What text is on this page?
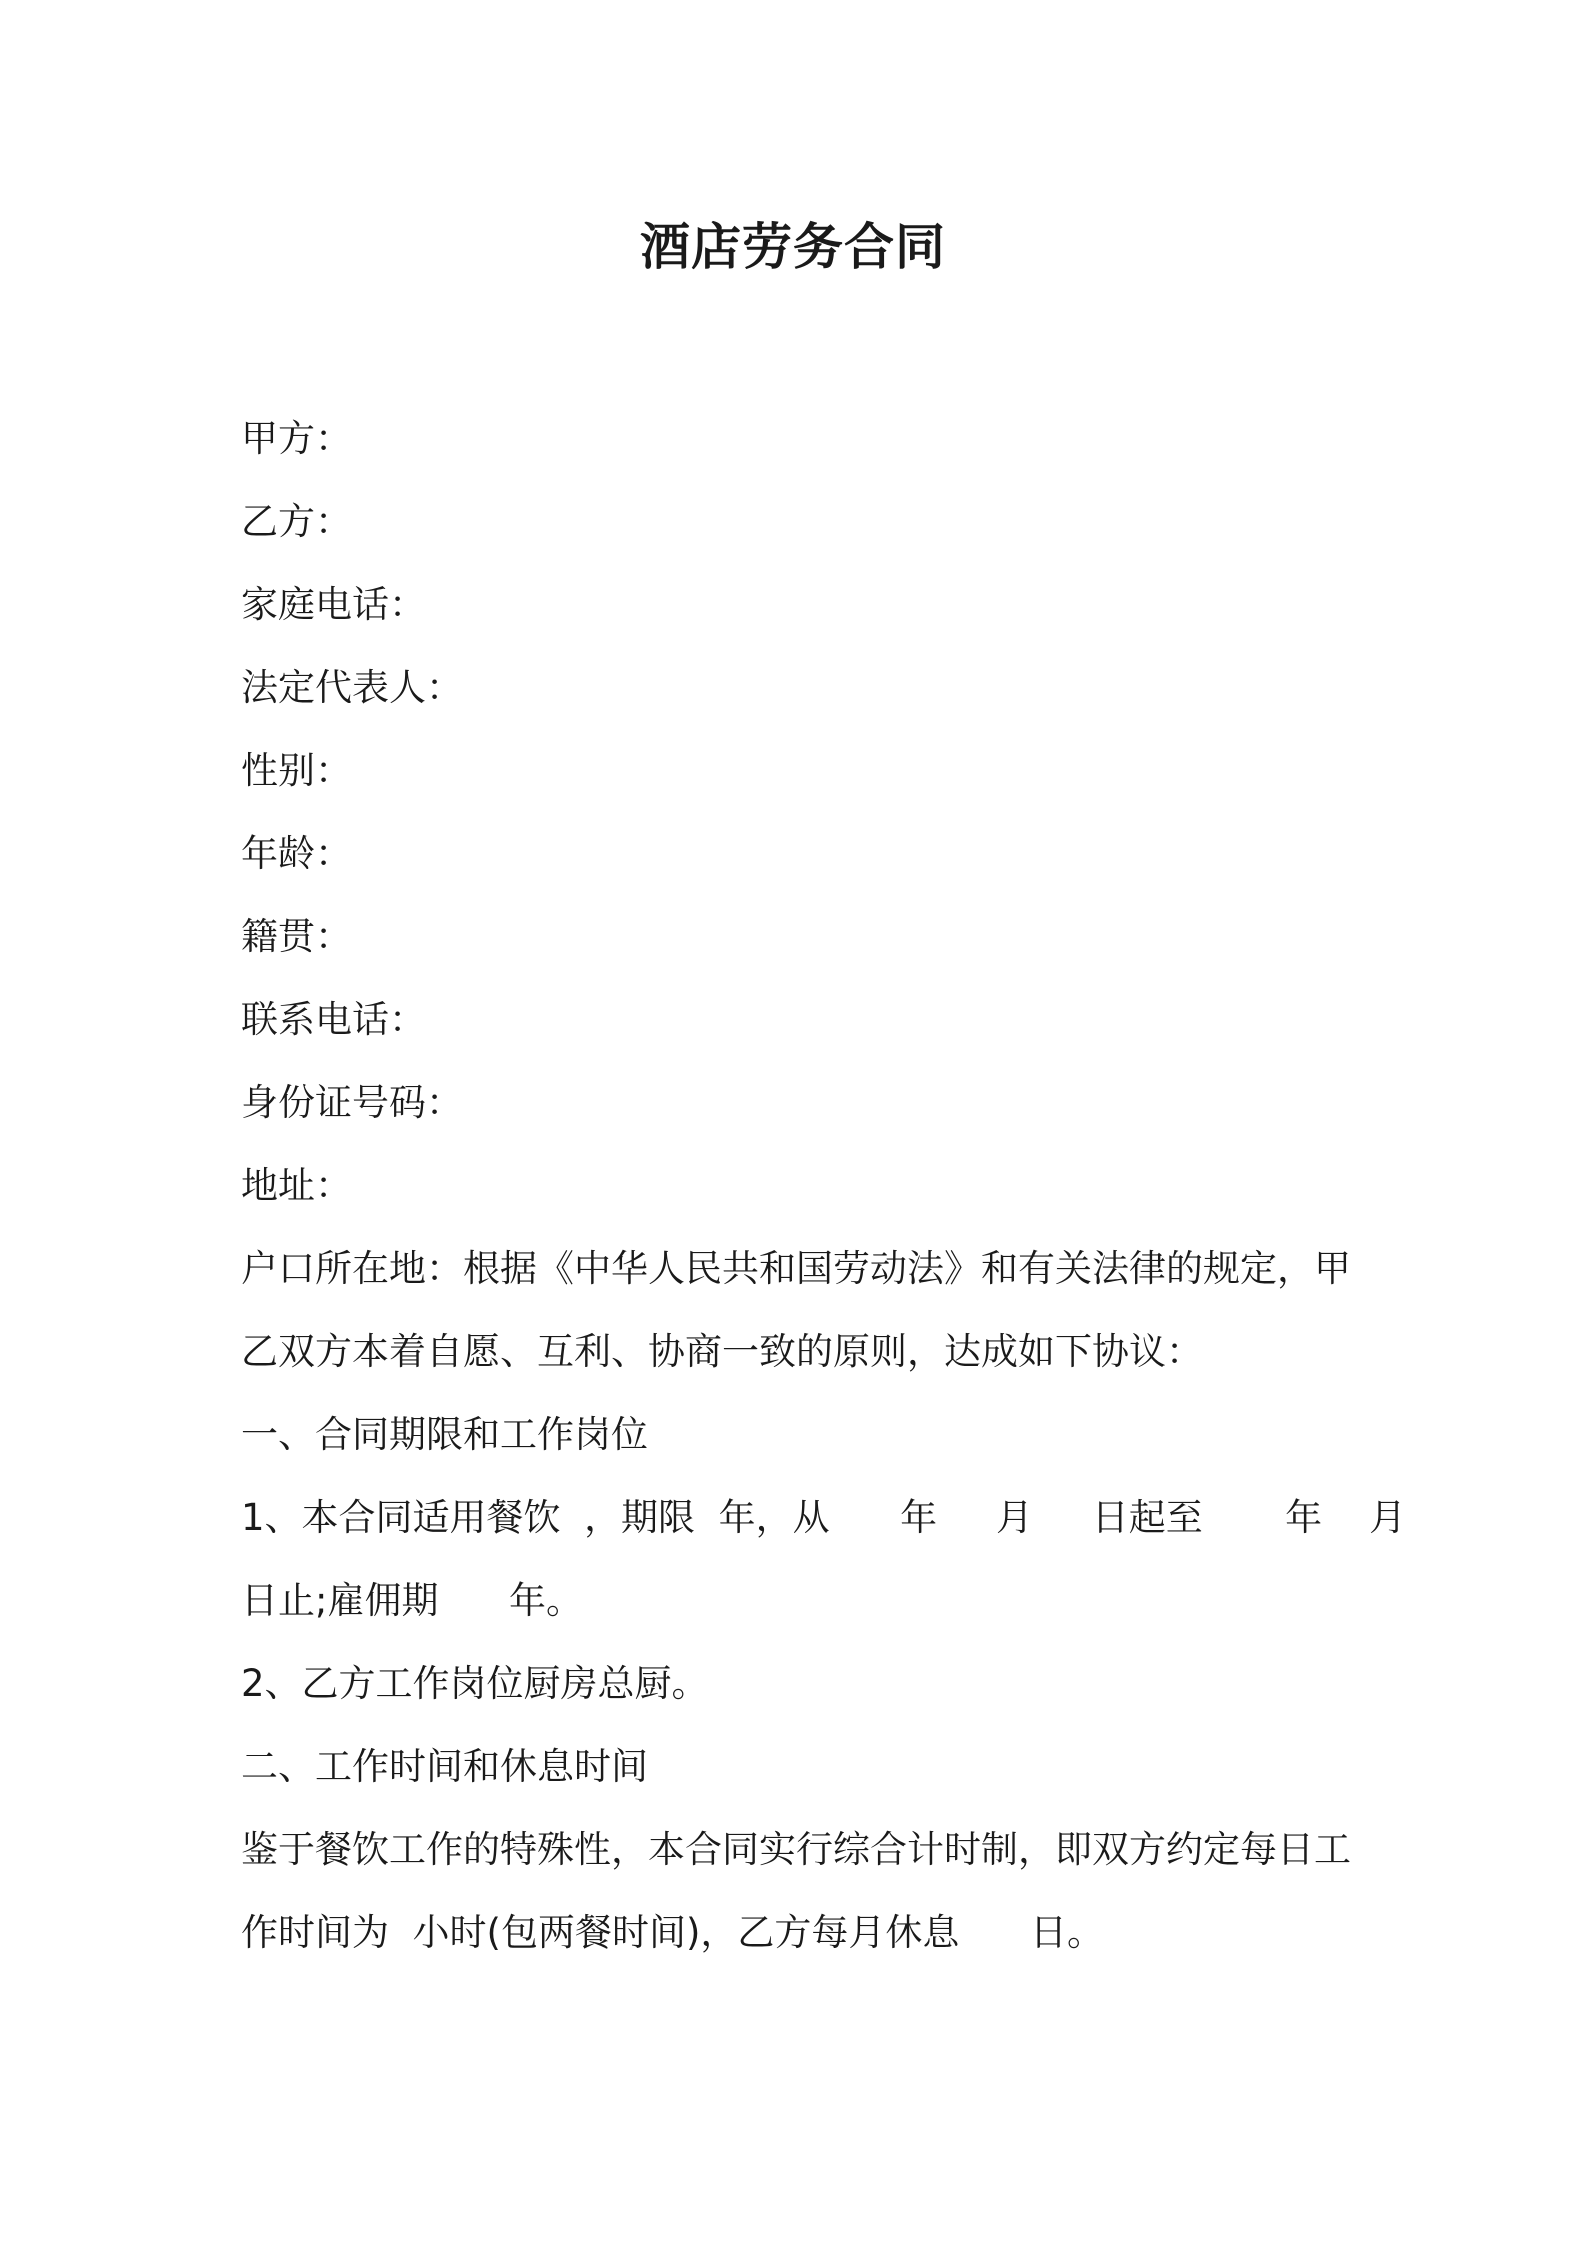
酒店劳务合同
甲方：
乙方：
家庭电话：
法定代表人：
性别：
年龄：
籍贯：
联系电话：
身份证号码：
地址：
户口所在地：根据《中华人民共和国劳动法》和有关法律的规定，甲
乙双方本着自愿、互利、协商一致的原则，达成如下协议：
一、合同期限和工作岗位
1、本合同适用餐饮  ，期限  年，从      年     月     日起至       年    月
日止;雇佣期      年。
2、乙方工作岗位厨房总厨。
二、工作时间和休息时间
鉴于餐饮工作的特殊性，本合同实行综合计时制，即双方约定每日工
作时间为  小时(包两餐时间)，乙方每月休息      日。
